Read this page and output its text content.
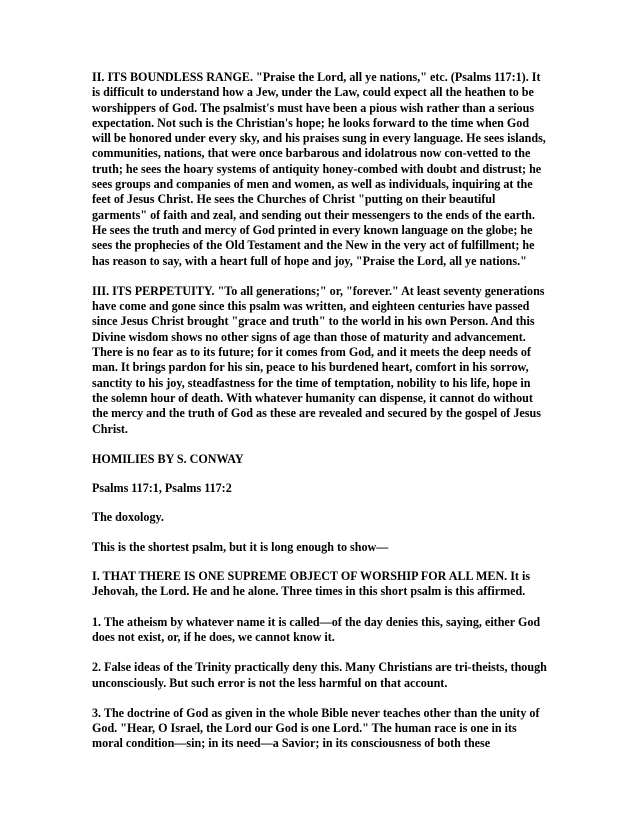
II. ITS BOUNDLESS RANGE. "Praise the Lord, all ye nations," etc. (Psalms 117:1). It is difficult to understand how a Jew, under the Law, could expect all the heathen to be worshippers of God. The psalmist's must have been a pious wish rather than a serious expectation. Not such is the Christian's hope; he looks forward to the time when God will be honored under every sky, and his praises sung in every language. He sees islands, communities, nations, that were once barbarous and idolatrous now con-vetted to the truth; he sees the hoary systems of antiquity honey-combed with doubt and distrust; he sees groups and companies of men and women, as well as individuals, inquiring at the feet of Jesus Christ. He sees the Churches of Christ "putting on their beautiful garments" of faith and zeal, and sending out their messengers to the ends of the earth. He sees the truth and mercy of God printed in every known language on the globe; he sees the prophecies of the Old Testament and the New in the very act of fulfillment; he has reason to say, with a heart full of hope and joy, "Praise the Lord, all ye nations."

III. ITS PERPETUITY. "To all generations;" or, "forever." At least seventy generations have come and gone since this psalm was written, and eighteen centuries have passed since Jesus Christ brought "grace and truth" to the world in his own Person. And this Divine wisdom shows no other signs of age than those of maturity and advancement. There is no fear as to its future; for it comes from God, and it meets the deep needs of man. It brings pardon for his sin, peace to his burdened heart, comfort in his sorrow, sanctity to his joy, steadfastness for the time of temptation, nobility to his life, hope in the solemn hour of death. With whatever humanity can dispense, it cannot do without the mercy and the truth of God as these are revealed and secured by the gospel of Jesus Christ.

HOMILIES BY S. CONWAY

Psalms 117:1, Psalms 117:2

The doxology.

This is the shortest psalm, but it is long enough to show—

I. THAT THERE IS ONE SUPREME OBJECT OF WORSHIP FOR ALL MEN. It is Jehovah, the Lord. He and he alone. Three times in this short psalm is this affirmed.

1. The atheism by whatever name it is called—of the day denies this, saying, either God does not exist, or, if he does, we cannot know it.

2. False ideas of the Trinity practically deny this. Many Christians are tri-theists, though unconsciously. But such error is not the less harmful on that account.

3. The doctrine of God as given in the whole Bible never teaches other than the unity of God. "Hear, O Israel, the Lord our God is one Lord." The human race is one in its moral condition—sin; in its need—a Savior; in its consciousness of both these
